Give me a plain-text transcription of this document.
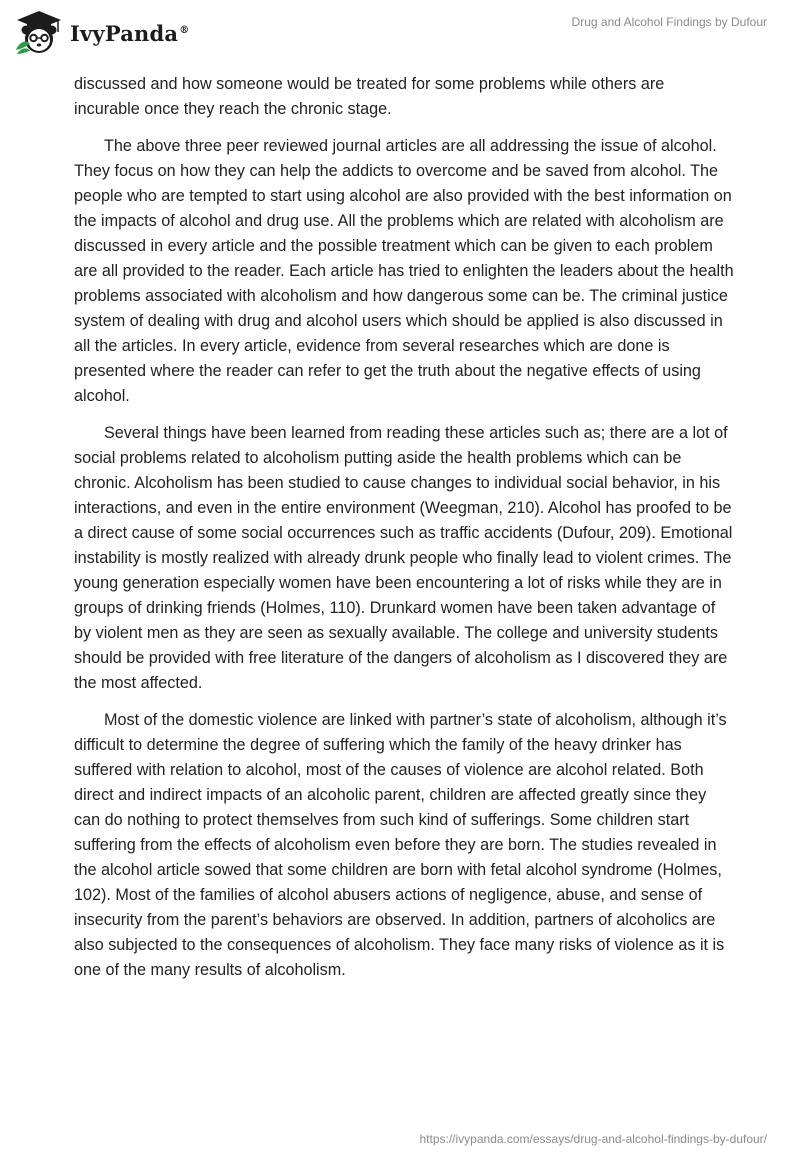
IvyPanda®
Drug and Alcohol Findings by Dufour

discussed and how someone would be treated for some problems while others are incurable once they reach the chronic stage.

The above three peer reviewed journal articles are all addressing the issue of alcohol. They focus on how they can help the addicts to overcome and be saved from alcohol. The people who are tempted to start using alcohol are also provided with the best information on the impacts of alcohol and drug use. All the problems which are related with alcoholism are discussed in every article and the possible treatment which can be given to each problem are all provided to the reader. Each article has tried to enlighten the leaders about the health problems associated with alcoholism and how dangerous some can be. The criminal justice system of dealing with drug and alcohol users which should be applied is also discussed in all the articles. In every article, evidence from several researches which are done is presented where the reader can refer to get the truth about the negative effects of using alcohol.

Several things have been learned from reading these articles such as; there are a lot of social problems related to alcoholism putting aside the health problems which can be chronic. Alcoholism has been studied to cause changes to individual social behavior, in his interactions, and even in the entire environment (Weegman, 210). Alcohol has proofed to be a direct cause of some social occurrences such as traffic accidents (Dufour, 209). Emotional instability is mostly realized with already drunk people who finally lead to violent crimes. The young generation especially women have been encountering a lot of risks while they are in groups of drinking friends (Holmes, 110). Drunkard women have been taken advantage of by violent men as they are seen as sexually available. The college and university students should be provided with free literature of the dangers of alcoholism as I discovered they are the most affected.

Most of the domestic violence are linked with partner’s state of alcoholism, although it’s difficult to determine the degree of suffering which the family of the heavy drinker has suffered with relation to alcohol, most of the causes of violence are alcohol related. Both direct and indirect impacts of an alcoholic parent, children are affected greatly since they can do nothing to protect themselves from such kind of sufferings. Some children start suffering from the effects of alcoholism even before they are born. The studies revealed in the alcohol article sowed that some children are born with fetal alcohol syndrome (Holmes, 102). Most of the families of alcohol abusers actions of negligence, abuse, and sense of insecurity from the parent’s behaviors are observed. In addition, partners of alcoholics are also subjected to the consequences of alcoholism. They face many risks of violence as it is one of the many results of alcoholism.

https://ivypanda.com/essays/drug-and-alcohol-findings-by-dufour/
